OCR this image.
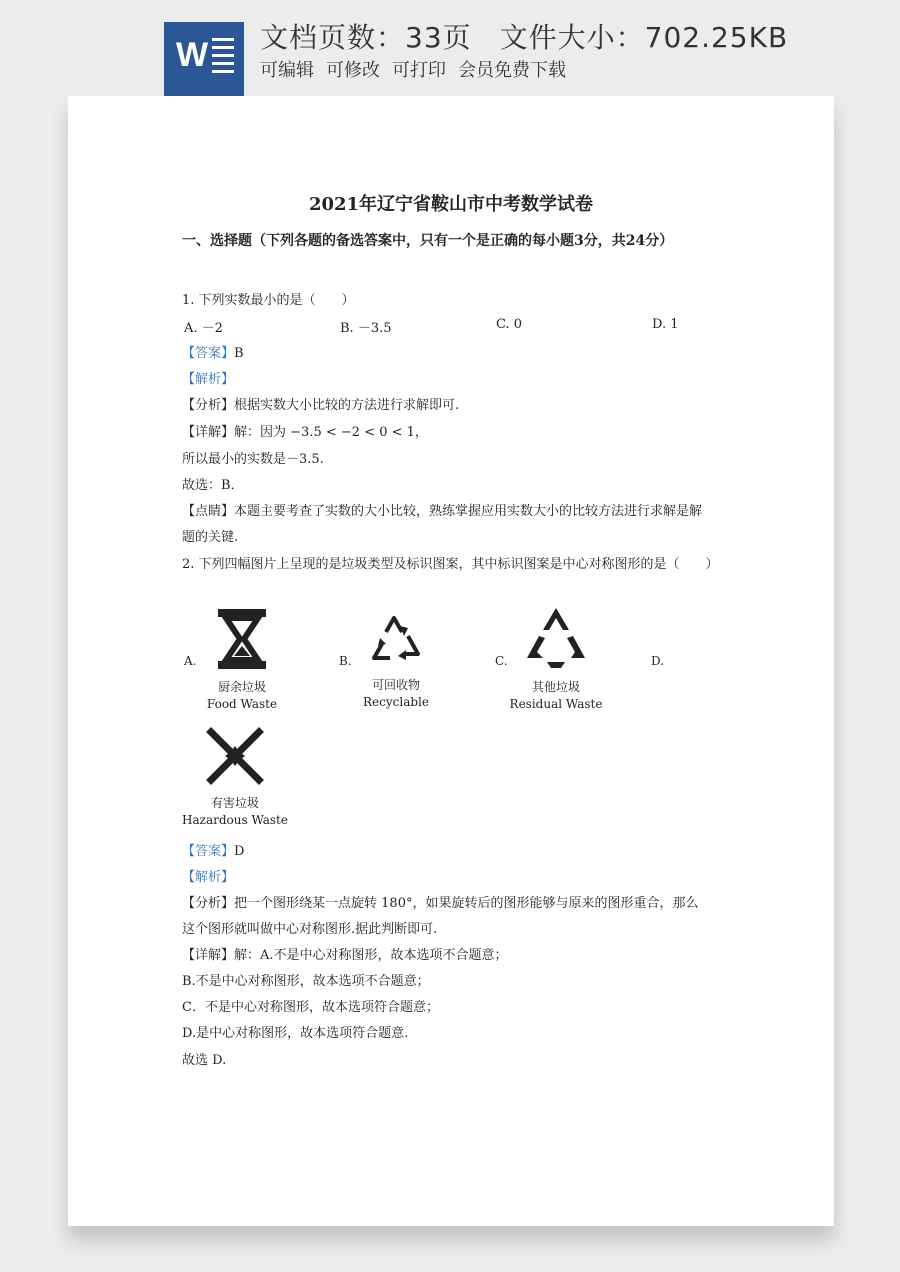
W 文档页数：33页 文件大小：702.25KB
可编辑 可修改 可打印 会员免费下载
2021年辽宁省鞍山市中考数学试卷
一、选择题（下列各题的备选答案中，只有一个是正确的每小题3分，共24分）
1. 下列实数最小的是（　　）
A. －2	B. －3.5	C. 0	D. 1
【答案】B
【解析】
【分析】根据实数大小比较的方法进行求解即可.
【详解】解：因为 −3.5 < −2 < 0 < 1，
所以最小的实数是－3.5.
故选：B．
【点睛】本题主要考查了实数的大小比较，熟练掌握应用实数大小的比较方法进行求解是解
题的关键.
2. 下列四幅图片上呈现的是垃圾类型及标识图案，其中标识图案是中心对称图形的是（　　）
A.	B.	C.	D.
厨余垃圾
Food Waste
可回收物
Recyclable
其他垃圾
Residual Waste
有害垃圾
Hazardous Waste
【答案】D
【解析】
【分析】把一个图形绕某一点旋转 180°，如果旋转后的图形能够与原来的图形重合，那么
这个图形就叫做中心对称图形.据此判断即可.
【详解】解：A.不是中心对称图形，故本选项不合题意；
B.不是中心对称图形，故本选项不合题意；
C．不是中心对称图形，故本选项符合题意；
D.是中心对称图形，故本选项符合题意.
故选 D.
